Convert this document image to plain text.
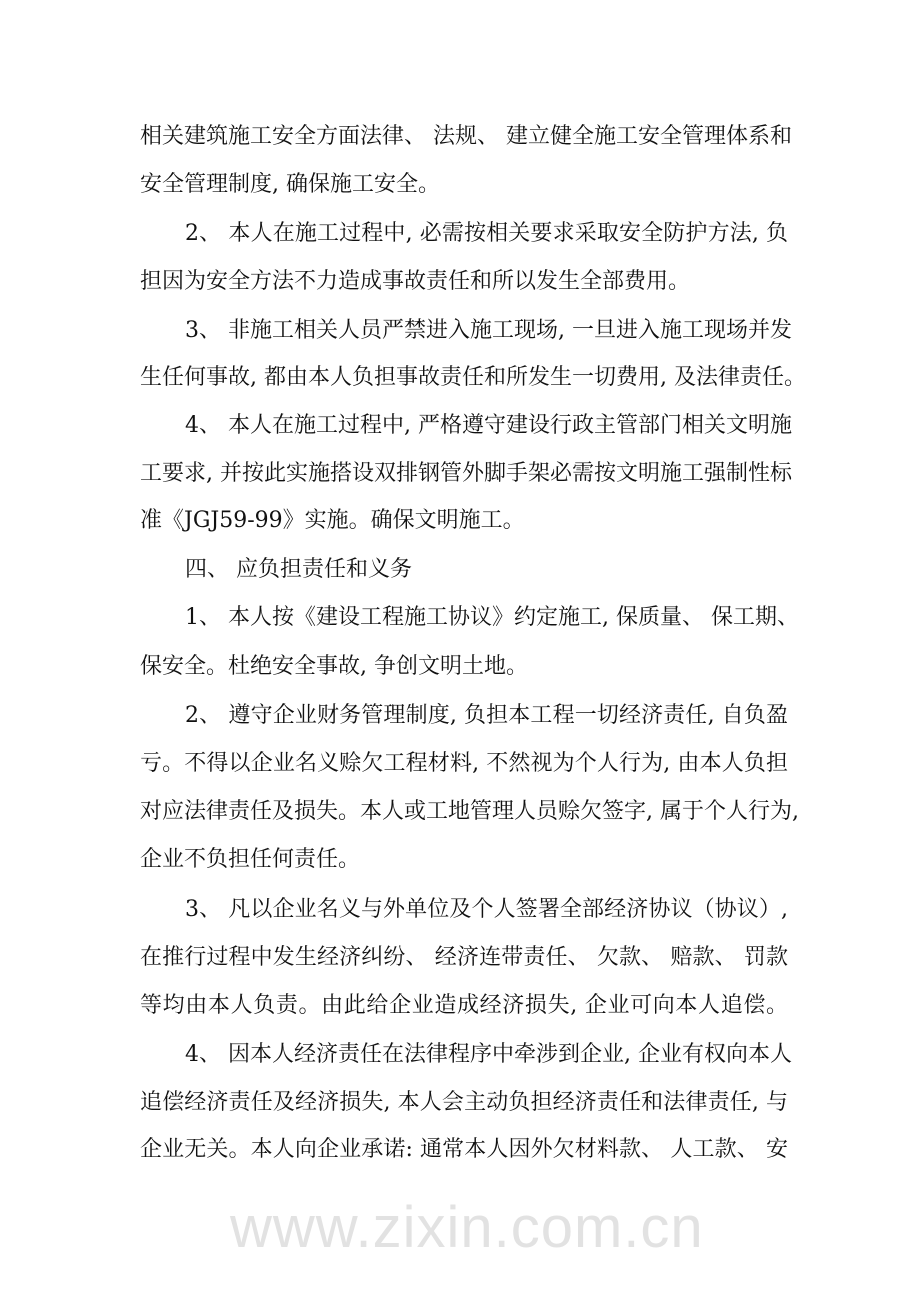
相关建筑施工安全方面法律、 法规、 建立健全施工安全管理体系和
安全管理制度, 确保施工安全。
2、 本人在施工过程中, 必需按相关要求采取安全防护方法, 负
担因为安全方法不力造成事故责任和所以发生全部费用。
3、 非施工相关人员严禁进入施工现场, 一旦进入施工现场并发
生任何事故, 都由本人负担事故责任和所发生一切费用, 及法律责任。
4、 本人在施工过程中, 严格遵守建设行政主管部门相关文明施
工要求, 并按此实施搭设双排钢管外脚手架必需按文明施工强制性标
准《JGJ59-99》实施。确保文明施工。
四、 应负担责任和义务
1、 本人按《建设工程施工协议》约定施工, 保质量、 保工期、
保安全。杜绝安全事故, 争创文明土地。
2、 遵守企业财务管理制度, 负担本工程一切经济责任, 自负盈
亏。不得以企业名义赊欠工程材料, 不然视为个人行为, 由本人负担
对应法律责任及损失。本人或工地管理人员赊欠签字, 属于个人行为,
企业不负担任何责任。
3、 凡以企业名义与外单位及个人签署全部经济协议（协议）,
在推行过程中发生经济纠纷、 经济连带责任、 欠款、 赔款、 罚款
等均由本人负责。由此给企业造成经济损失, 企业可向本人追偿。
4、 因本人经济责任在法律程序中牵涉到企业, 企业有权向本人
追偿经济责任及经济损失, 本人会主动负担经济责任和法律责任, 与
企业无关。本人向企业承诺: 通常本人因外欠材料款、 人工款、 安
www.zixin.com.cn
